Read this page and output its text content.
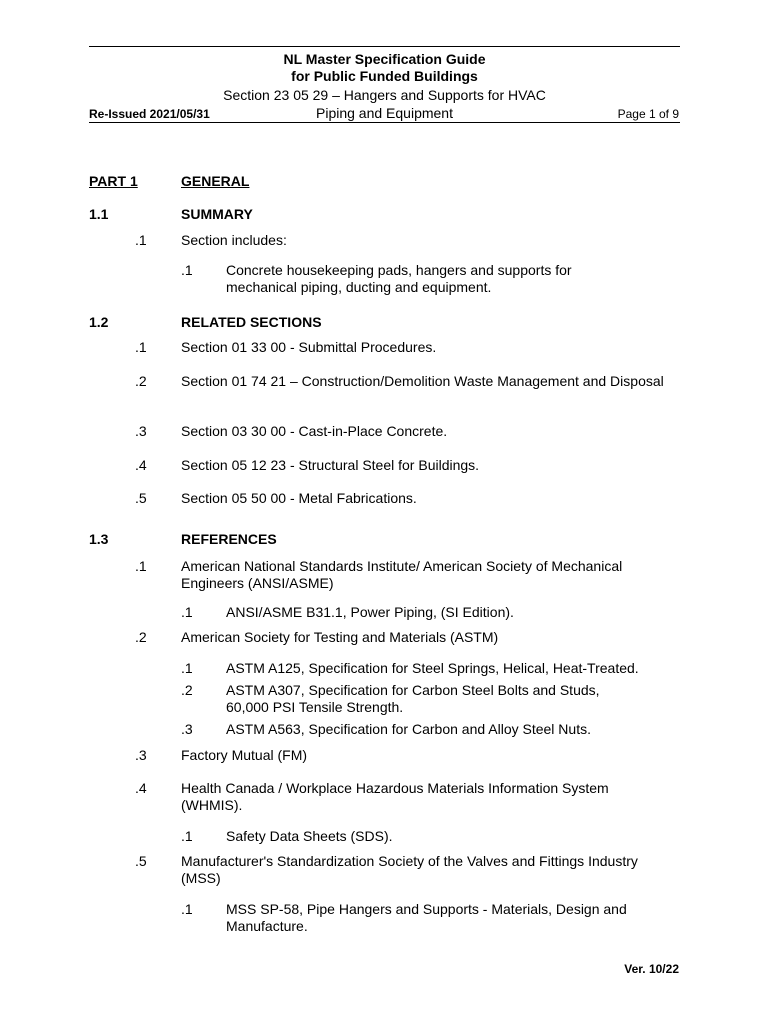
NL Master Specification Guide
for Public Funded Buildings
Section 23 05 29 – Hangers and Supports for HVAC
Re-Issued 2021/05/31	Piping and Equipment	Page 1 of 9
PART 1	GENERAL
1.1	SUMMARY
.1 Section includes:
.1 Concrete housekeeping pads, hangers and supports for mechanical piping, ducting and equipment.
1.2	RELATED SECTIONS
.1 Section 01 33 00 - Submittal Procedures.
.2 Section 01 74 21 – Construction/Demolition Waste Management and Disposal
.3 Section 03 30 00 - Cast-in-Place Concrete.
.4 Section 05 12 23 - Structural Steel for Buildings.
.5 Section 05 50 00 - Metal Fabrications.
1.3	REFERENCES
.1 American National Standards Institute/ American Society of Mechanical Engineers (ANSI/ASME)
.1 ANSI/ASME B31.1, Power Piping, (SI Edition).
.2 American Society for Testing and Materials (ASTM)
.1 ASTM A125, Specification for Steel Springs, Helical, Heat-Treated.
.2 ASTM A307, Specification for Carbon Steel Bolts and Studs, 60,000 PSI Tensile Strength.
.3 ASTM A563, Specification for Carbon and Alloy Steel Nuts.
.3 Factory Mutual (FM)
.4 Health Canada / Workplace Hazardous Materials Information System (WHMIS).
.1 Safety Data Sheets (SDS).
.5 Manufacturer's Standardization Society of the Valves and Fittings Industry (MSS)
.1 MSS SP-58, Pipe Hangers and Supports - Materials, Design and Manufacture.
Ver. 10/22
